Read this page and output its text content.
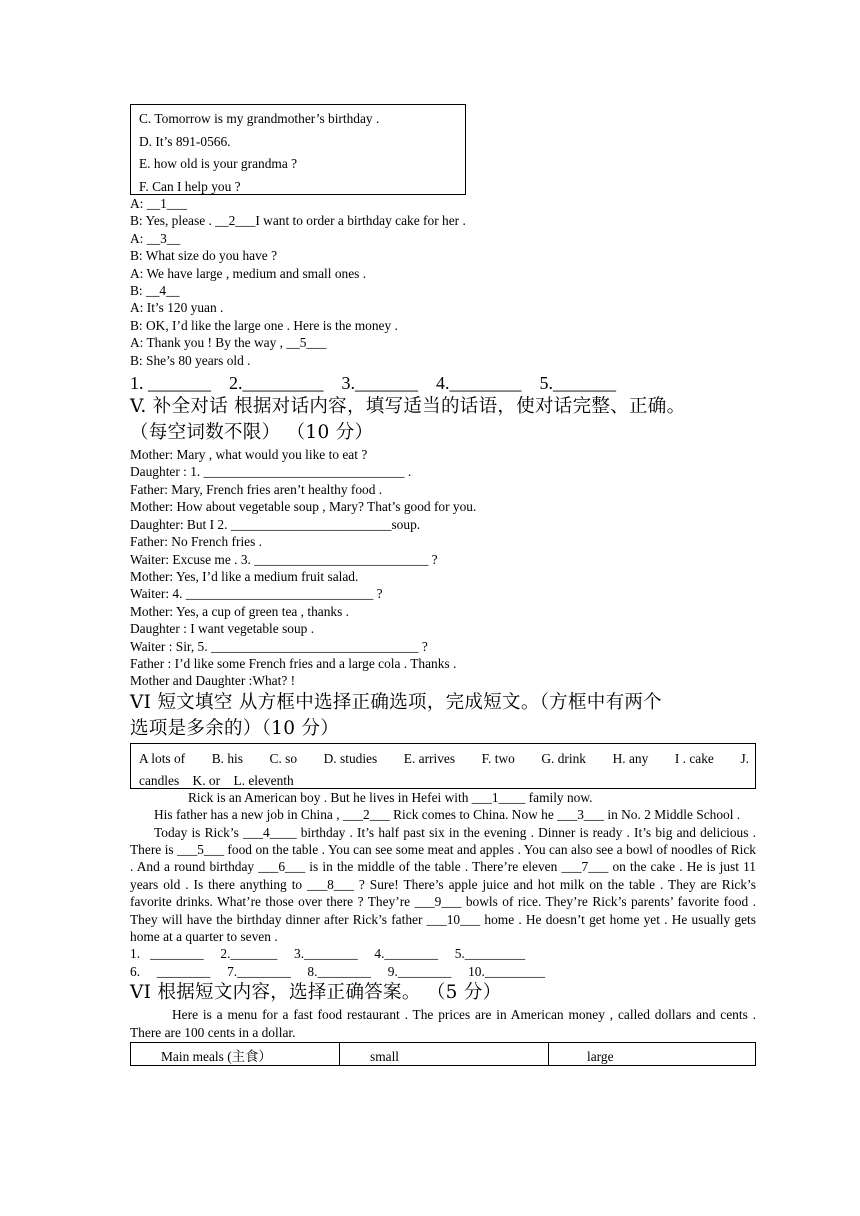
C. Tomorrow is my grandmother’s birthday .
D. It’s 891-0566.
E. how old is your grandma ?
F. Can I help you ?
A: __1___
B: Yes, please . __2___I want to order a birthday cake for her .
A: __3__
B: What size do you have ?
A: We have large , medium and small ones .
B: __4__
A: It’s 120 yuan .
B: OK, I’d like the large one . Here is the money .
A: Thank you ! By the way , __5___
B: She’s 80 years old .
1. _______    2._________    3._______    4.________    5._______
V. 补全对话 根据对话内容，填写适当的话语，使对话完整、正确。
（每空词数不限） （10 分）
Mother: Mary , what would you like to eat ?
Daughter : 1. ______________________________ .
Father: Mary, French fries aren’t healthy food .
Mother: How about vegetable soup , Mary? That’s good for you.
Daughter: But I 2. ________________________soup.
Father: No French fries .
Waiter: Excuse me . 3. __________________________ ?
Mother: Yes, I’d like a medium fruit salad.
Waiter: 4. ____________________________ ?
Mother: Yes, a cup of green tea , thanks .
Daughter : I want vegetable soup .
Waiter : Sir, 5. _______________________________ ?
Father : I’d like some French fries and a large cola . Thanks .
Mother and Daughter :What? !
VI 短文填空 从方框中选择正确选项，完成短文。（方框中有两个
选项是多余的）（10 分）
A lots of B. his C. so D. studies E. arrives F. two G. drink H. any I . cake J.
candles    K. or    L. eleventh
Rick is an American boy . But he lives in Hefei with ___1____ family now.
His father has a new job in China , ___2___ Rick comes to China. Now he ___3___ in No. 2 Middle School .
Today is Rick’s ___4____ birthday . It’s half past six in the evening . Dinner is ready . It’s big and delicious . There is ___5___ food on the table . You can see some meat and apples . You can also see a bowl of noodles of Rick . And a round birthday ___6___ is in the middle of the table . There’re eleven ___7___ on the cake . He is just 11 years old . Is there anything to ___8___ ? Sure! There’s apple juice and hot milk on the table . They are Rick’s favorite drinks. What’re those over there ? They’re ___9___ bowls of rice. They’re Rick’s parents’ favorite food . They will have the birthday dinner after Rick’s father ___10___ home . He doesn’t get home yet . He usually gets home at a quarter to seven .
1.   ________     2._______     3.________     4.________     5._________
6.     ________     7.________     8.________     9.________     10._________
VI 根据短文内容，选择正确答案。 （5 分）
Here is a menu for a fast food restaurant . The prices are in American money , called dollars and cents . There are 100 cents in a dollar.
Main meals (主食）	small	large
